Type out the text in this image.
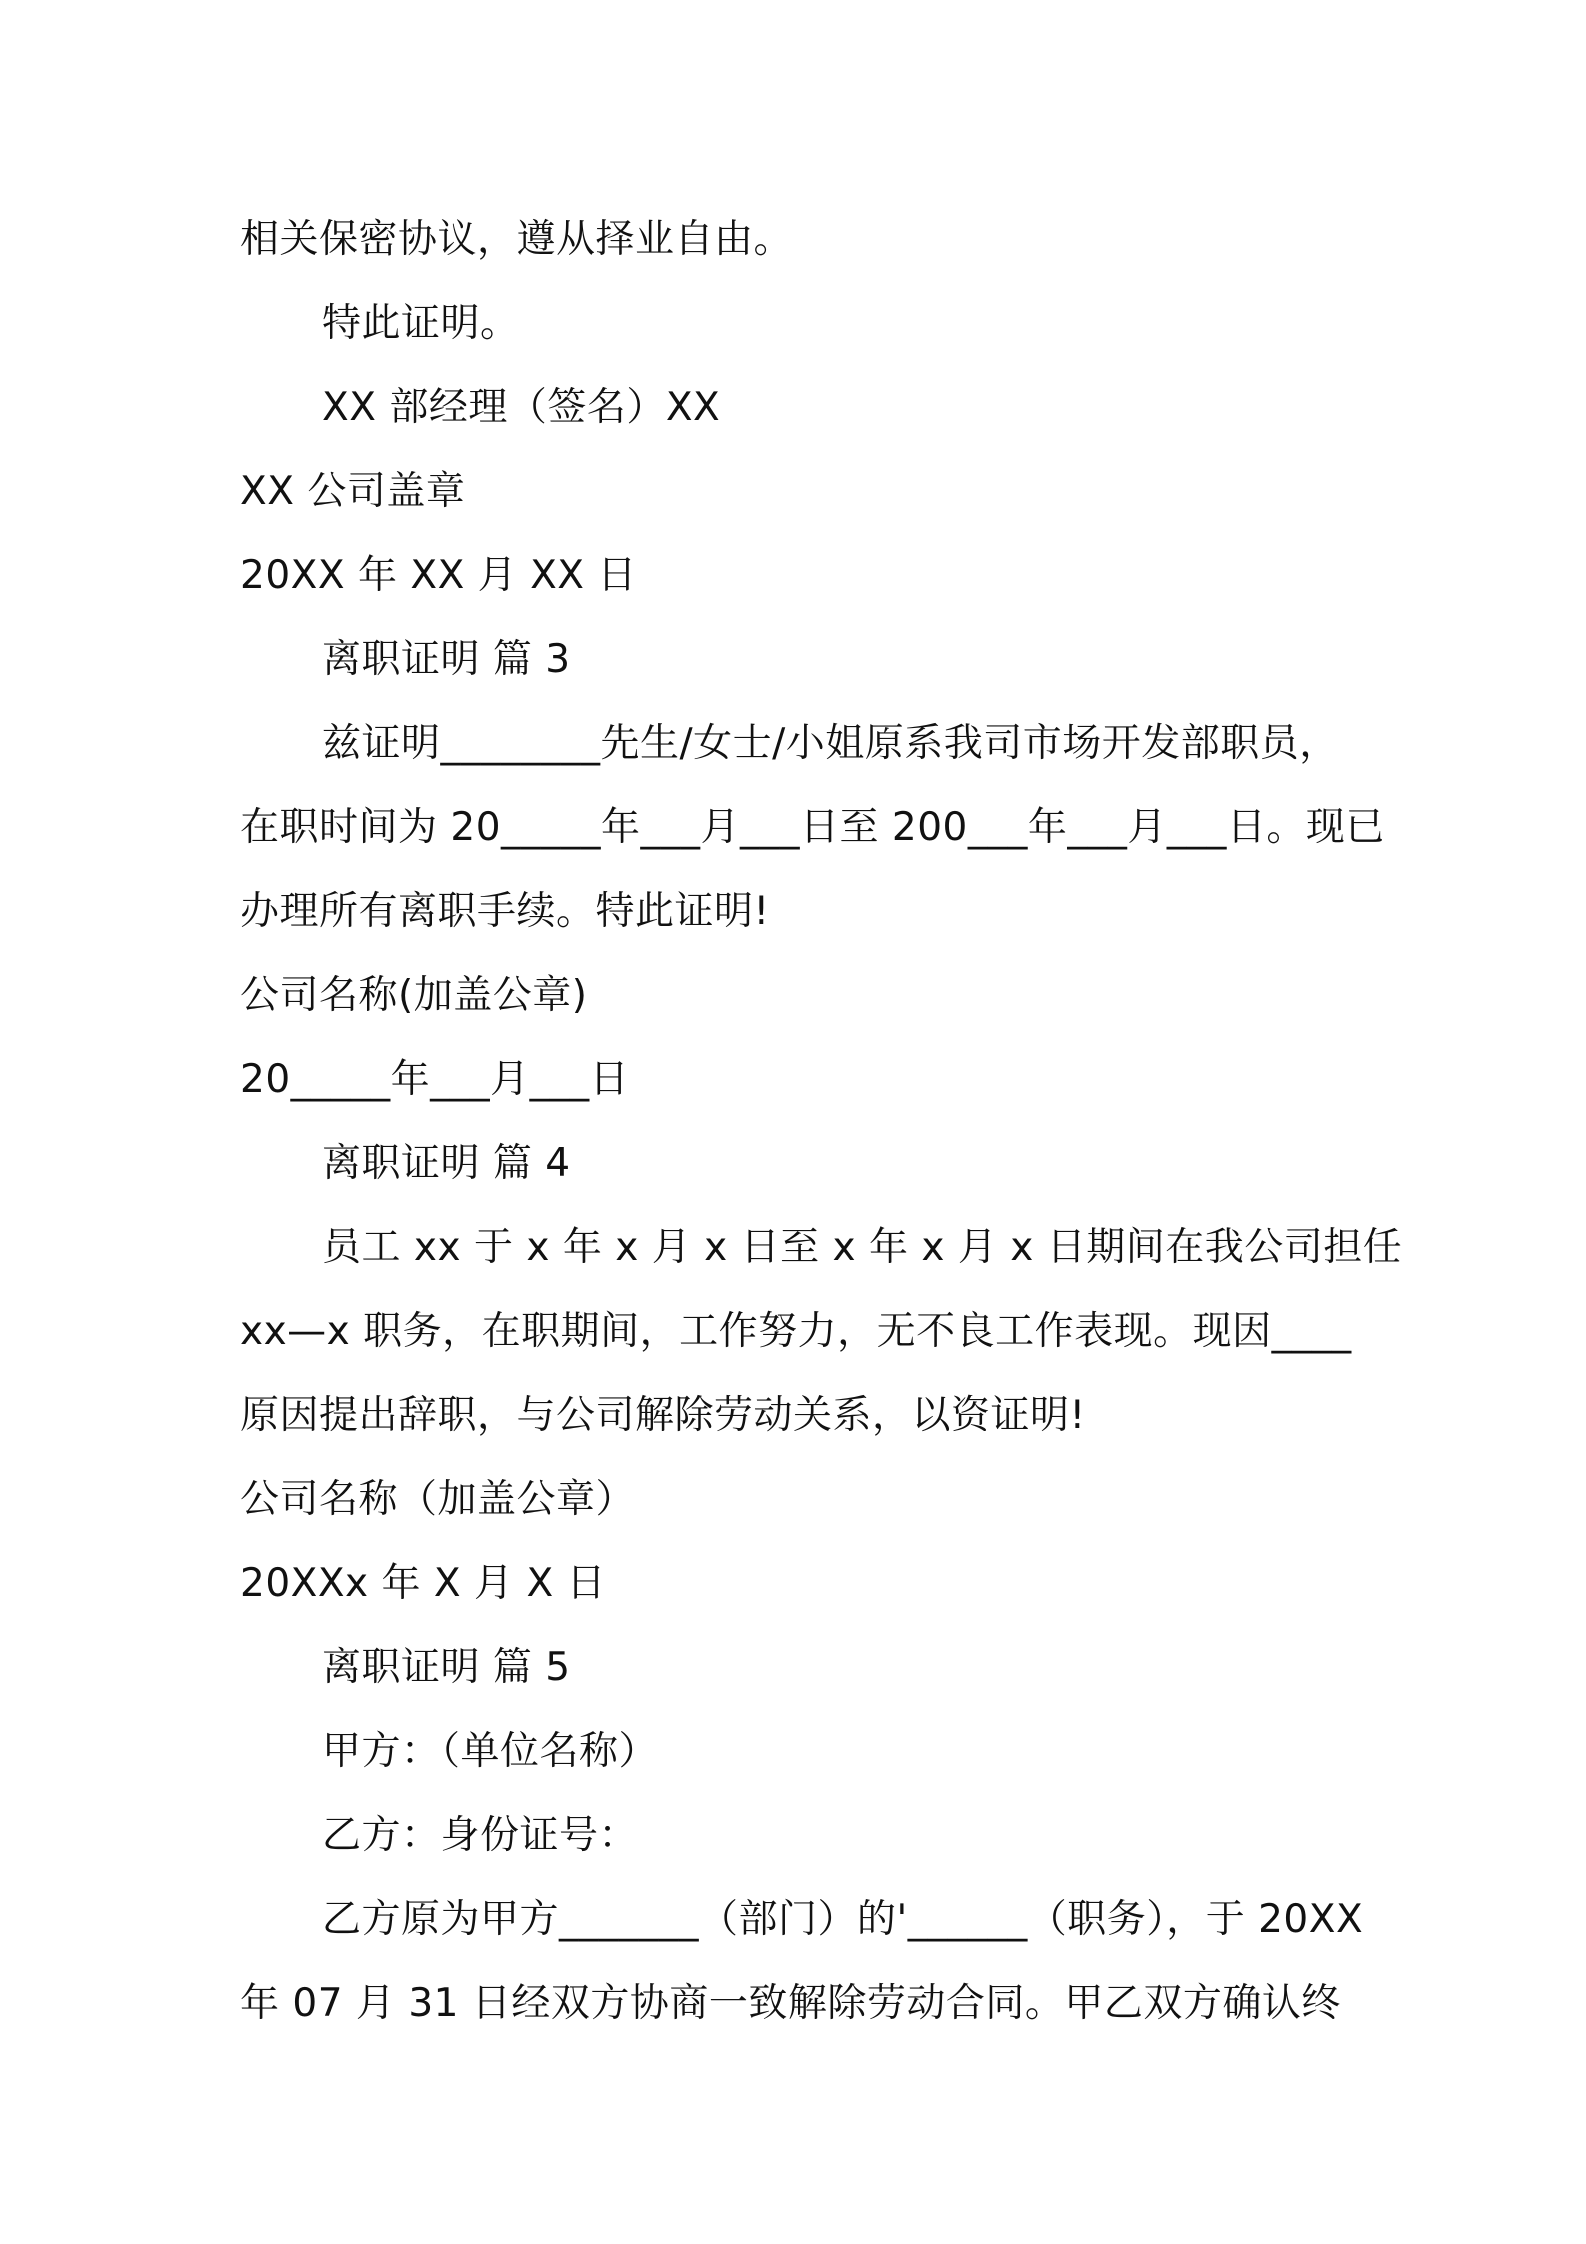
相关保密协议，遵从择业自由。
特此证明。
XX 部经理（签名）XX
XX 公司盖章
20XX 年 XX 月 XX 日
离职证明 篇 3
兹证明________先生/女士/小姐原系我司市场开发部职员，
在职时间为 20_____年___月___日至 200___年___月___日。现已
办理所有离职手续。特此证明!
公司名称(加盖公章)
20_____年___月___日
离职证明 篇 4
员工 xx 于 x 年 x 月 x 日至 x 年 x 月 x 日期间在我公司担任
xx—x 职务，在职期间，工作努力，无不良工作表现。现因____
原因提出辞职，与公司解除劳动关系，以资证明!
公司名称（加盖公章）
20XXx 年 X 月 X 日
离职证明 篇 5
甲方：（单位名称）
乙方：身份证号：
乙方原为甲方_______（部门）的'______（职务），于 20XX
年 07 月 31 日经双方协商一致解除劳动合同。甲乙双方确认终
